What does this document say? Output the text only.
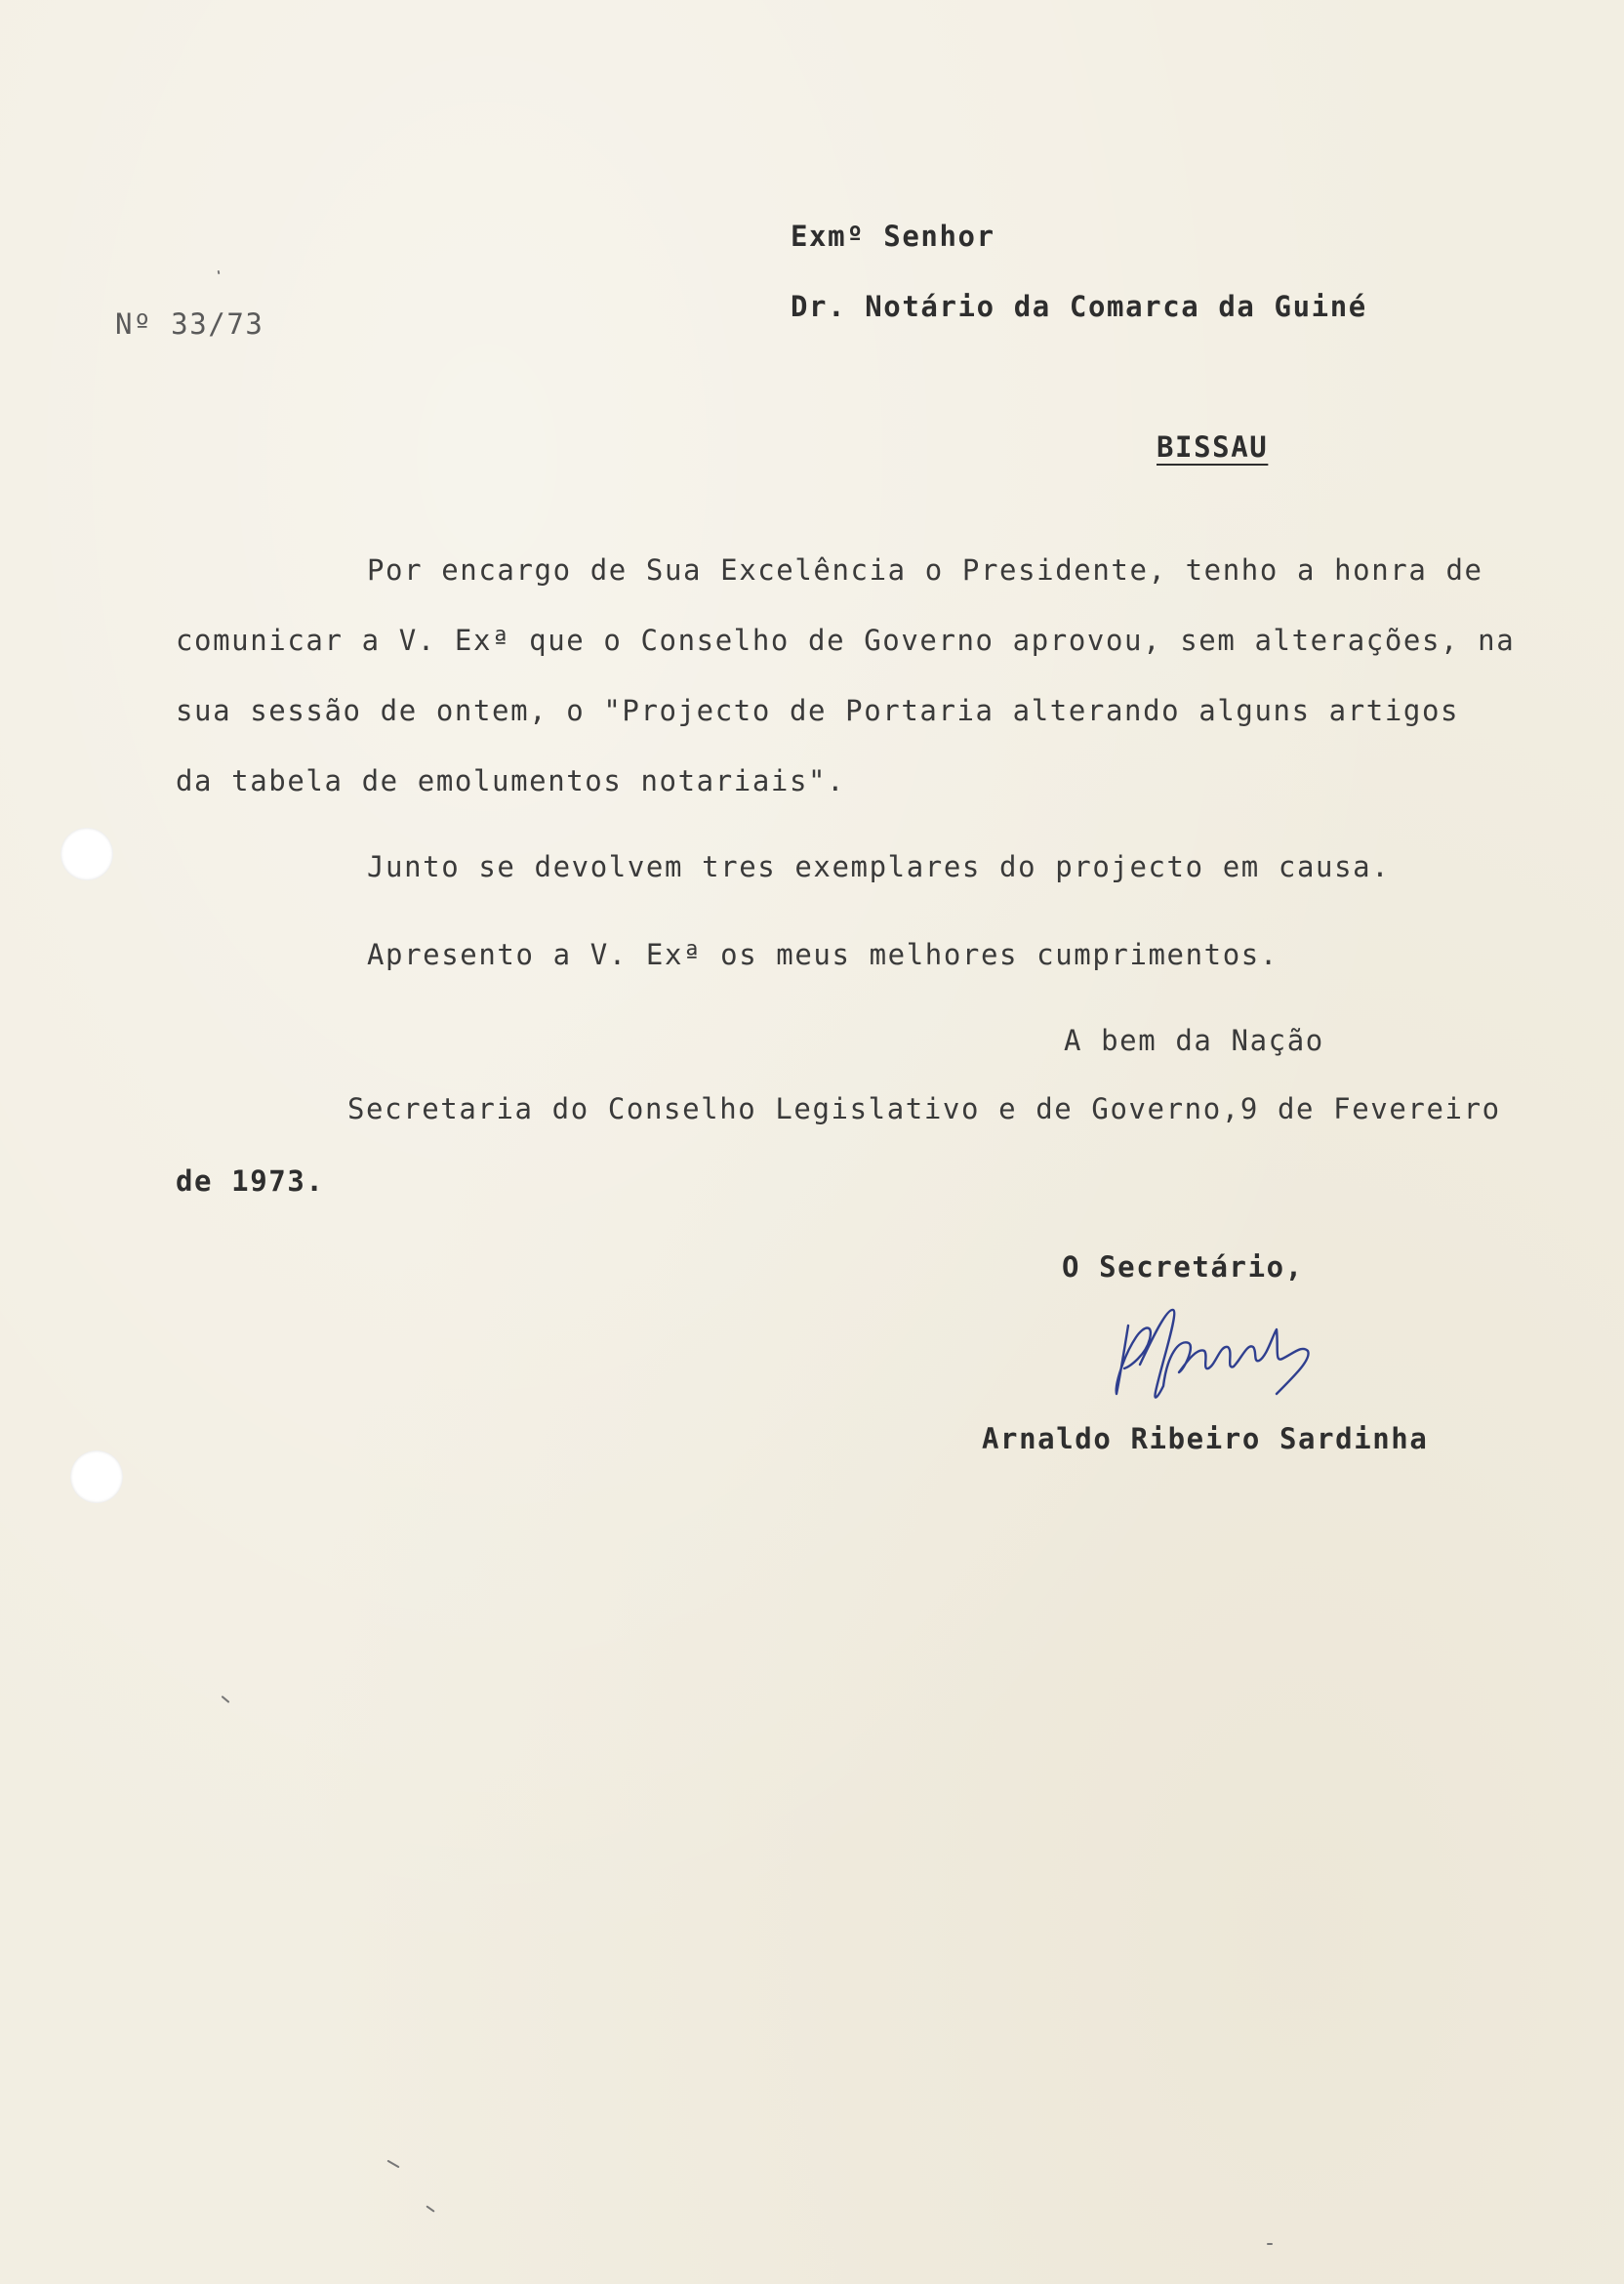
Exmº Senhor
Nº 33/73
Dr. Notário da Comarca da Guiné
BISSAU
Por encargo de Sua Excelência o Presidente, tenho a honra de
comunicar a V. Exª que o Conselho de Governo aprovou, sem alterações, na
sua sessão de ontem, o "Projecto de Portaria alterando alguns artigos
da tabela de emolumentos notariais".
Junto se devolvem tres exemplares do projecto em causa.
Apresento a V. Exª os meus melhores cumprimentos.
A bem da Nação
Secretaria do Conselho Legislativo e de Governo,9 de Fevereiro
de 1973.
O Secretário,
Arnaldo Ribeiro Sardinha
